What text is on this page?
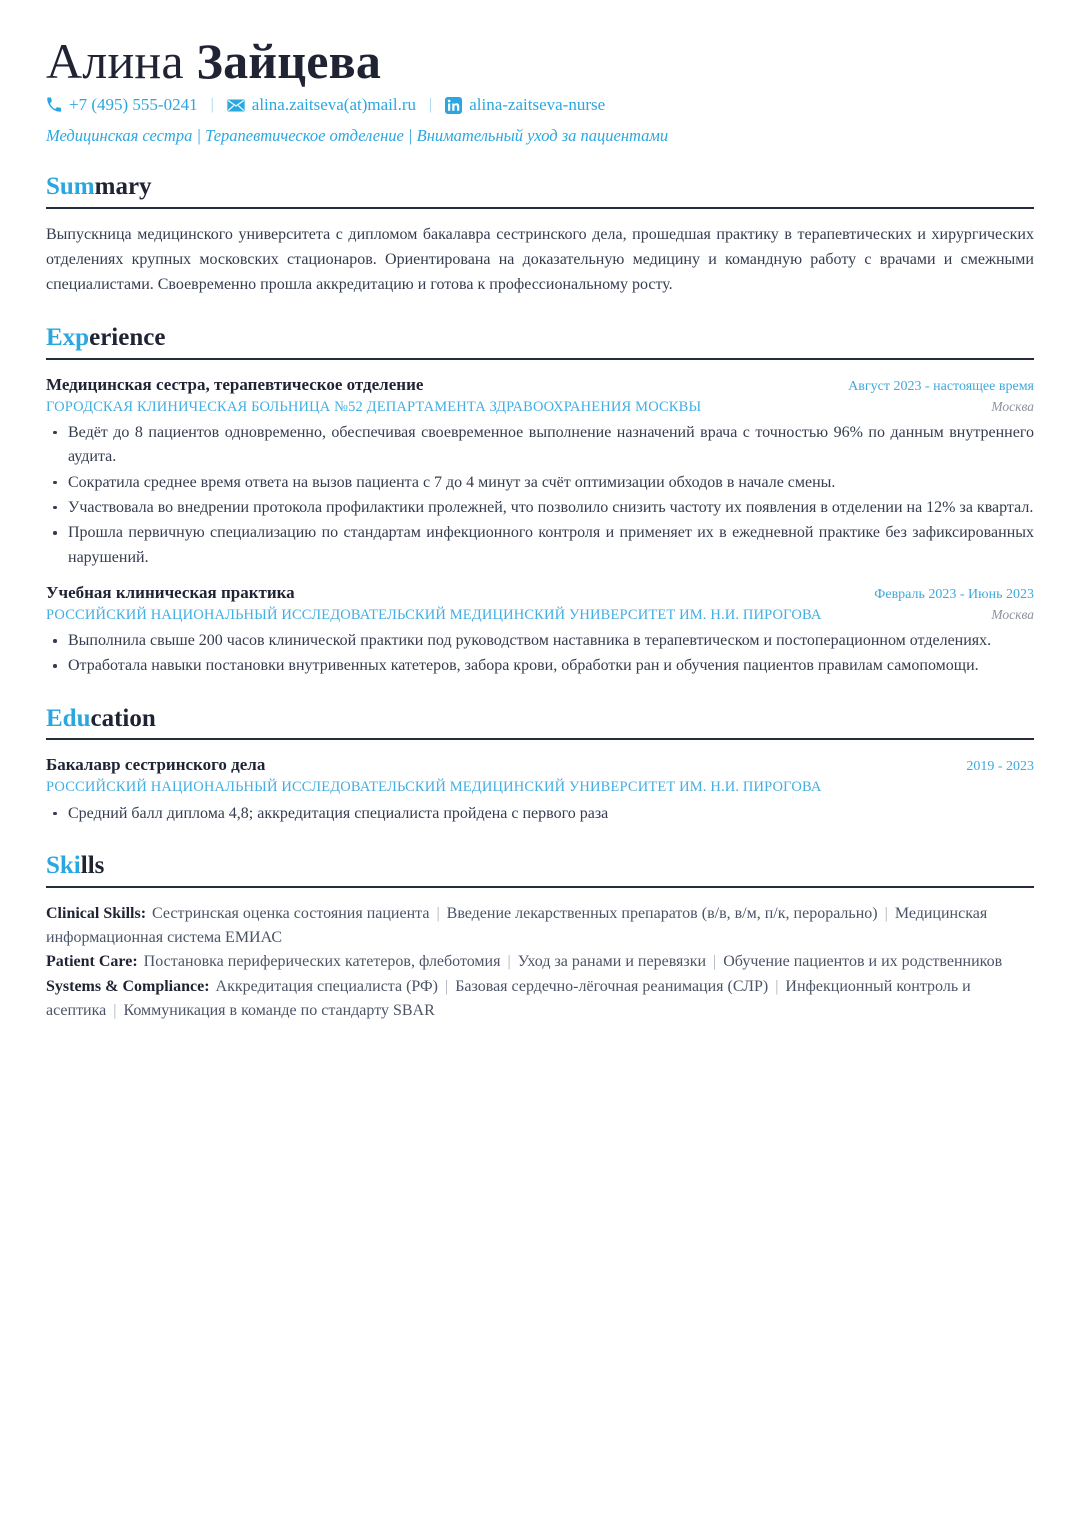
Алина Зайцева
+7 (495) 555-0241 |	alina.zaitseva(at)mail.ru |	alina-zaitseva-nurse
Медицинская сестра | Терапевтическое отделение | Внимательный уход за пациентами
Summary

Выпускница медицинского университета с дипломом бакалавра сестринского дела, прошедшая практику в терапевтических и хирургических отделениях крупных московских стационаров. Ориентирована на доказательную медицину и командную работу с врачами и смежными специалистами. Своевременно прошла аккредитацию и готова к профессиональному росту.

Experience
Медицинская сестра, терапевтическое отделение	Август 2023 - настоящее время
ГОРОДСКАЯ КЛИНИЧЕСКАЯ БОЛЬНИЦА №52 ДЕПАРТАМЕНТА ЗДРАВООХРАНЕНИЯ МОСКВЫ	Москва
Ведёт до 8 пациентов одновременно, обеспечивая своевременное выполнение назначений врача с точностью 96% по данным внутреннего аудита.
Сократила среднее время ответа на вызов пациента с 7 до 4 минут за счёт оптимизации обходов в начале смены.
Участвовала во внедрении протокола профилактики пролежней, что позволило снизить частоту их появления в отделении на 12% за квартал.
Прошла первичную специализацию по стандартам инфекционного контроля и применяет их в ежедневной практике без зафиксированных нарушений.
Учебная клиническая практика	Февраль 2023 - Июнь 2023
РОССИЙСКИЙ НАЦИОНАЛЬНЫЙ ИССЛЕДОВАТЕЛЬСКИЙ МЕДИЦИНСКИЙ УНИВЕРСИТЕТ ИМ. Н.И. ПИРОГОВА	Москва
Выполнила свыше 200 часов клинической практики под руководством наставника в терапевтическом и постоперационном отделениях.
Отработала навыки постановки внутривенных катетеров, забора крови, обработки ран и обучения пациентов правилам самопомощи.
Education
Бакалавр сестринского дела	2019 - 2023
РОССИЙСКИЙ НАЦИОНАЛЬНЫЙ ИССЛЕДОВАТЕЛЬСКИЙ МЕДИЦИНСКИЙ УНИВЕРСИТЕТ ИМ. Н.И. ПИРОГОВА
Средний балл диплома 4,8; аккредитация специалиста пройдена с первого раза
Skills

Clinical Skills: Сестринская оценка состояния пациента | Введение лекарственных препаратов (в/в, в/м, п/к, перорально) | Медицинская информационная система ЕМИАС

Patient Care: Постановка периферических катетеров, флеботомия | Уход за ранами и перевязки | Обучение пациентов и их родственников

Systems & Compliance: Аккредитация специалиста (РФ) | Базовая сердечно-лёгочная реанимация (СЛР) | Инфекционный контроль и асептика | Коммуникация в команде по стандарту SBAR
